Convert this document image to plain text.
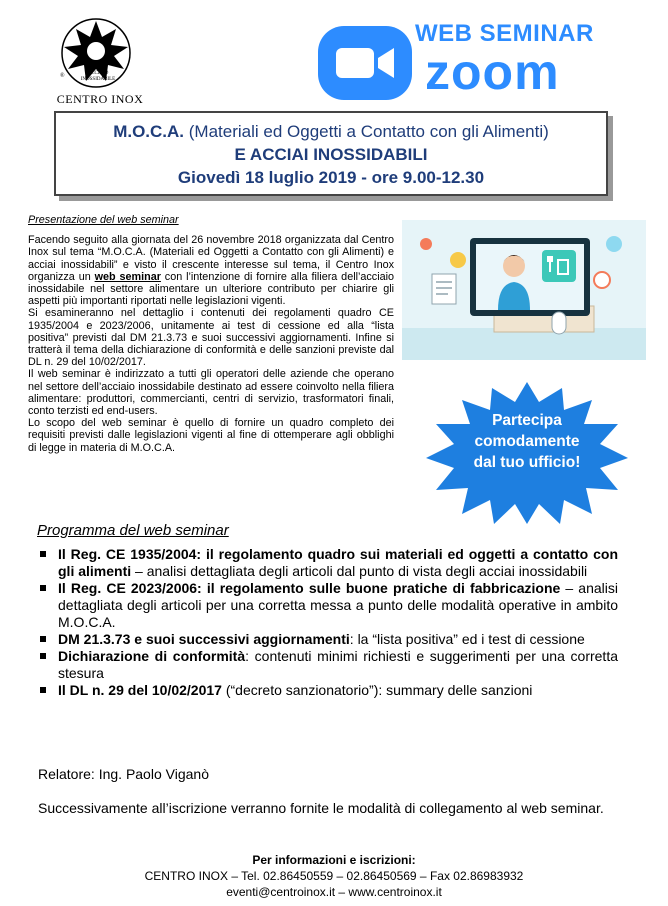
ACCIAIO
INOSSIDABILE
®
CENTRO INOX
WEB SEMINAR
zoom
M.O.C.A. (Materiali ed Oggetti a Contatto con gli Alimenti)
E ACCIAI INOSSIDABILI
Giovedì 18 luglio 2019 - ore 9.00-12.30
Presentazione del web seminar

Facendo seguito alla giornata del 26 novembre 2018 organizzata dal Centro Inox sul tema “M.O.C.A. (Materiali ed Oggetti a Contatto con gli Alimenti) e acciai inossidabili” e visto il crescente interesse sul tema, il Centro Inox organizza un web seminar con l’intenzione di fornire alla filiera dell’acciaio inossidabile nel settore alimentare un ulteriore contributo per chiarire gli aspetti più importanti riportati nelle legislazioni vigenti.

Si esamineranno nel dettaglio i contenuti dei regolamenti quadro CE 1935/2004 e 2023/2006, unitamente ai test di cessione ed alla “lista positiva” previsti dal DM 21.3.73 e suoi successivi aggiornamenti. Infine si tratterà il tema della dichiarazione di conformità e delle sanzioni previste dal DL n. 29 del 10/02/2017.

Il web seminar è indirizzato a tutti gli operatori delle aziende che operano nel settore dell’acciaio inossidabile destinato ad essere coinvolto nella filiera alimentare: produttori, commercianti, centri di servizio, trasformatori finali, conto terzisti ed end-users.

Lo scopo del web seminar è quello di fornire un quadro completo dei requisiti previsti dalle legislazioni vigenti al fine di ottemperare agli obblighi di legge in materia di M.O.C.A.

Partecipa
comodamente
dal tuo ufficio!
Programma del web seminar
Il Reg. CE 1935/2004: il regolamento quadro sui materiali ed oggetti a contatto con gli alimenti – analisi dettagliata degli articoli dal punto di vista degli acciai inossidabili
Il Reg. CE 2023/2006: il regolamento sulle buone pratiche di fabbricazione – analisi dettagliata degli articoli per una corretta messa a punto delle modalità operative in ambito M.O.C.A.
DM 21.3.73 e suoi successivi aggiornamenti: la “lista positiva” ed i test di cessione
Dichiarazione di conformità: contenuti minimi richiesti e suggerimenti per una corretta stesura
Il DL n. 29 del 10/02/2017 (“decreto sanzionatorio”): summary delle sanzioni
Relatore: Ing. Paolo Viganò
Successivamente all’iscrizione verranno fornite le modalità di collegamento al web seminar.
Per informazioni e iscrizioni:
CENTRO INOX – Tel. 02.86450559 – 02.86450569 – Fax 02.86983932
eventi@centroinox.it – www.centroinox.it
